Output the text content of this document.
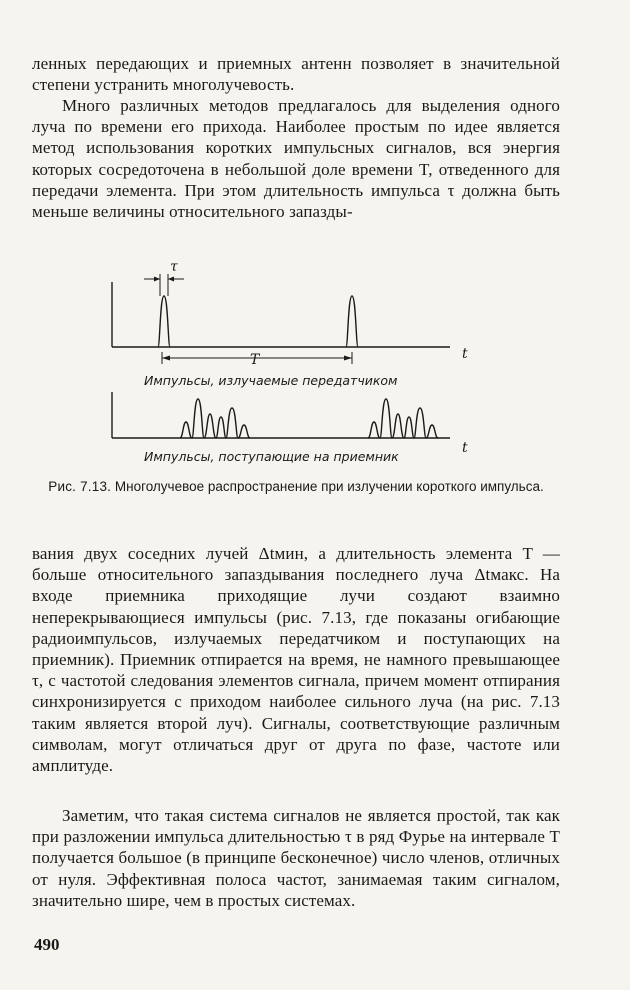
ленных передающих и приемных антенн позволяет в значительной степени устранить многолучевость.

Много различных методов предлагалось для выделения одного луча по времени его прихода. Наиболее простым по идее является метод использования коротких импульсных сигналов, вся энергия которых сосредоточена в небольшой доле времени T, отведенного для передачи элемента. При этом длительность импульса τ должна быть меньше величины относительного запазды-

τ
T	t
Импульсы, излучаемые передатчиком
t
Импульсы, поступающие на приемник

Рис. 7.13. Многолучевое распространение при излучении короткого импульса.

вания двух соседних лучей Δtмин, а длительность элемента T — больше относительного запаздывания последнего луча Δtмакс. На входе приемника приходящие лучи создают взаимно неперекрывающиеся импульсы (рис. 7.13, где показаны огибающие радиоимпульсов, излучаемых передатчиком и поступающих на приемник). Приемник отпирается на время, не намного превышающее τ, с частотой следования элементов сигнала, причем момент отпирания синхронизируется с приходом наиболее сильного луча (на рис. 7.13 таким является второй луч). Сигналы, соответствующие различным символам, могут отличаться друг от друга по фазе, частоте или амплитуде.

Заметим, что такая система сигналов не является простой, так как при разложении импульса длительностью τ в ряд Фурье на интервале T получается большое (в принципе бесконечное) число членов, отличных от нуля. Эффективная полоса частот, занимаемая таким сигналом, значительно шире, чем в простых системах.

490
